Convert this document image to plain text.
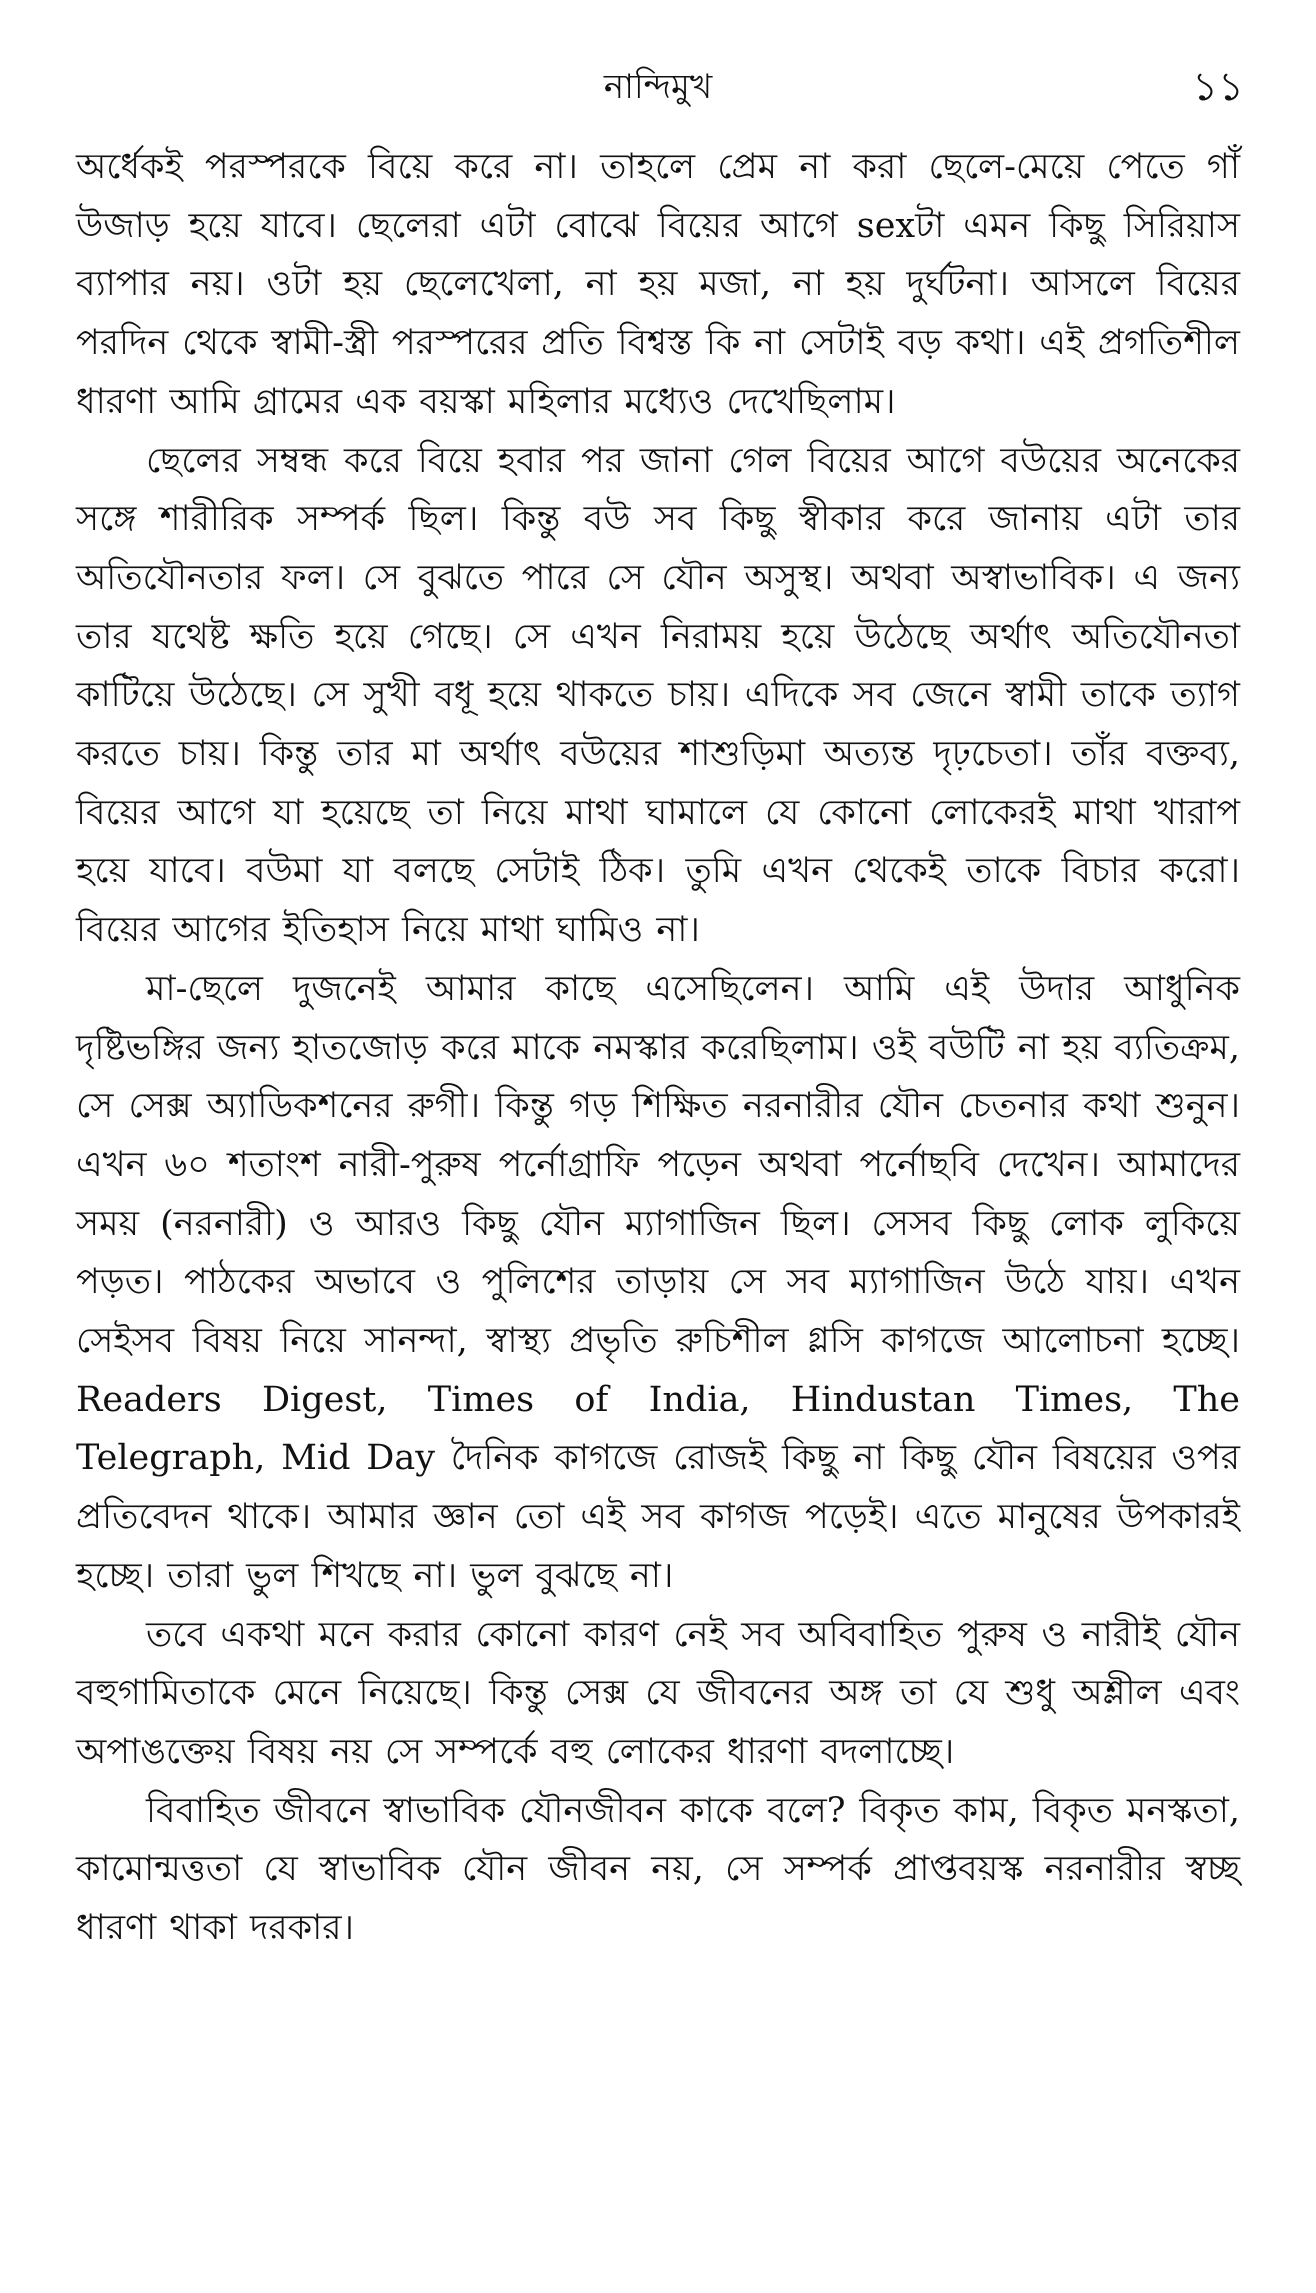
নান্দিমুখ	১১

অর্ধেকই পরস্পরকে বিয়ে করে না। তাহলে প্রেম না করা ছেলে-মেয়ে পেতে গাঁ উজাড় হয়ে যাবে। ছেলেরা এটা বোঝে বিয়ের আগে sexটা এমন কিছু সিরিয়াস ব্যাপার নয়। ওটা হয় ছেলেখেলা, না হয় মজা, না হয় দুর্ঘটনা। আসলে বিয়ের পরদিন থেকে স্বামী-স্ত্রী পরস্পরের প্রতি বিশ্বস্ত কি না সেটাই বড় কথা। এই প্রগতিশীল ধারণা আমি গ্রামের এক বয়স্কা মহিলার মধ্যেও দেখেছিলাম।

ছেলের সম্বন্ধ করে বিয়ে হবার পর জানা গেল বিয়ের আগে বউয়ের অনেকের সঙ্গে শারীরিক সম্পর্ক ছিল। কিন্তু বউ সব কিছু স্বীকার করে জানায় এটা তার অতিযৌনতার ফল। সে বুঝতে পারে সে যৌন অসুস্থ। অথবা অস্বাভাবিক। এ জন্য তার যথেষ্ট ক্ষতি হয়ে গেছে। সে এখন নিরাময় হয়ে উঠেছে অর্থাৎ অতিযৌনতা কাটিয়ে উঠেছে। সে সুখী বধূ হয়ে থাকতে চায়। এদিকে সব জেনে স্বামী তাকে ত্যাগ করতে চায়। কিন্তু তার মা অর্থাৎ বউয়ের শাশুড়িমা অত্যন্ত দৃঢ়চেতা। তাঁর বক্তব্য, বিয়ের আগে যা হয়েছে তা নিয়ে মাথা ঘামালে যে কোনো লোকেরই মাথা খারাপ হয়ে যাবে। বউমা যা বলছে সেটাই ঠিক। তুমি এখন থেকেই তাকে বিচার করো। বিয়ের আগের ইতিহাস নিয়ে মাথা ঘামিও না।

মা-ছেলে দুজনেই আমার কাছে এসেছিলেন। আমি এই উদার আধুনিক দৃষ্টিভঙ্গির জন্য হাতজোড় করে মাকে নমস্কার করেছিলাম। ওই বউটি না হয় ব্যতিক্রম, সে সেক্স অ্যাডিকশনের রুগী। কিন্তু গড় শিক্ষিত নরনারীর যৌন চেতনার কথা শুনুন। এখন ৬০ শতাংশ নারী-পুরুষ পর্নোগ্রাফি পড়েন অথবা পর্নোছবি দেখেন। আমাদের সময় (নরনারী) ও আরও কিছু যৌন ম্যাগাজিন ছিল। সেসব কিছু লোক লুকিয়ে পড়ত। পাঠকের অভাবে ও পুলিশের তাড়ায় সে সব ম্যাগাজিন উঠে যায়। এখন সেইসব বিষয় নিয়ে সানন্দা, স্বাস্থ্য প্রভৃতি রুচিশীল গ্লসি কাগজে আলোচনা হচ্ছে। Readers Digest, Times of India, Hindustan Times, The Telegraph, Mid Day দৈনিক কাগজে রোজই কিছু না কিছু যৌন বিষয়ের ওপর প্রতিবেদন থাকে। আমার জ্ঞান তো এই সব কাগজ পড়েই। এতে মানুষের উপকারই হচ্ছে। তারা ভুল শিখছে না। ভুল বুঝছে না।

তবে একথা মনে করার কোনো কারণ নেই সব অবিবাহিত পুরুষ ও নারীই যৌন বহুগামিতাকে মেনে নিয়েছে। কিন্তু সেক্স যে জীবনের অঙ্গ তা যে শুধু অশ্লীল এবং অপাঙক্তেয় বিষয় নয় সে সম্পর্কে বহু লোকের ধারণা বদলাচ্ছে।

বিবাহিত জীবনে স্বাভাবিক যৌনজীবন কাকে বলে? বিকৃত কাম, বিকৃত মনস্কতা, কামোন্মত্ততা যে স্বাভাবিক যৌন জীবন নয়, সে সম্পর্ক প্রাপ্তবয়স্ক নরনারীর স্বচ্ছ ধারণা থাকা দরকার।
